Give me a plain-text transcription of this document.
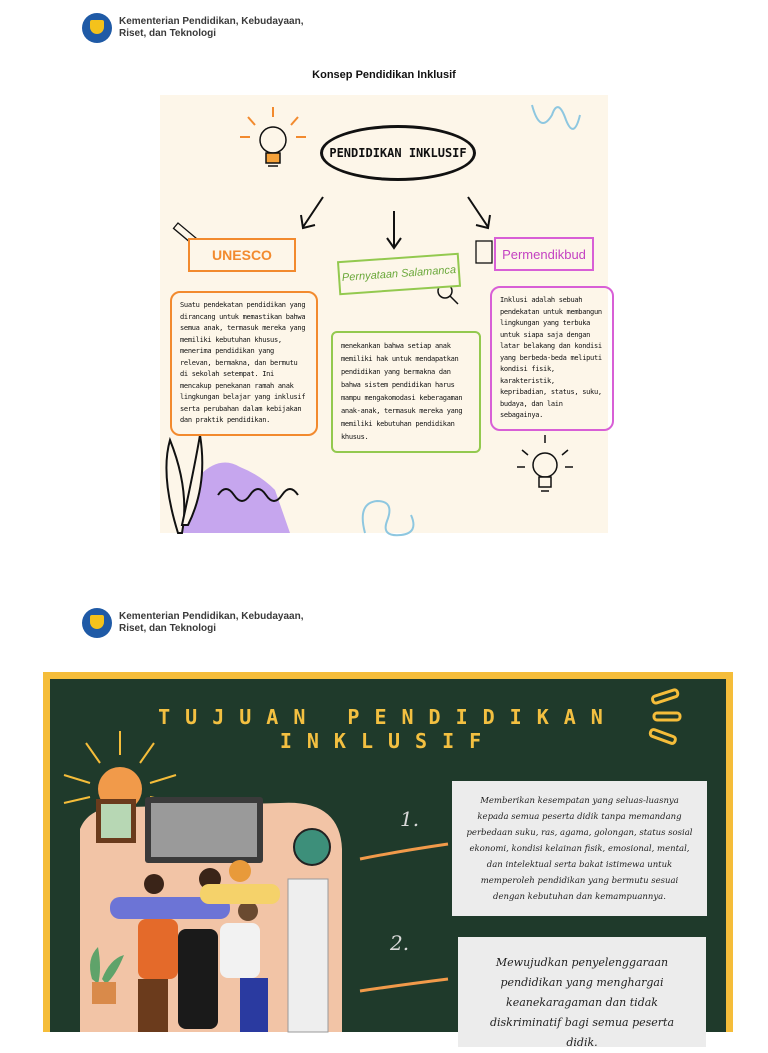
Kementerian Pendidikan, Kebudayaan,
Riset, dan Teknologi
Konsep Pendidikan Inklusif
PENDIDIKAN INKLUSIF
UNESCO
Pernyataan Salamanca
Permendikbud
Suatu pendekatan pendidikan yang dirancang untuk memastikan bahwa semua anak, termasuk mereka yang memiliki kebutuhan khusus, menerima pendidikan yang relevan, bermakna, dan bermutu di sekolah setempat. Ini mencakup penekanan ramah anak lingkungan belajar yang inklusif serta perubahan dalam kebijakan dan praktik pendidikan.
menekankan bahwa setiap anak memiliki hak untuk mendapatkan pendidikan yang bermakna dan bahwa sistem pendidikan harus mampu mengakomodasi keberagaman anak-anak, termasuk mereka yang memiliki kebutuhan pendidikan khusus.
Inklusi adalah sebuah pendekatan untuk membangun lingkungan yang terbuka untuk siapa saja dengan latar belakang dan kondisi yang berbeda-beda meliputi kondisi fisik, karakteristik, kepribadian, status, suku, budaya, dan lain sebagainya.
Kementerian Pendidikan, Kebudayaan,
Riset, dan Teknologi
TUJUAN PENDIDIKAN INKLUSIF
1.
2.
Memberikan kesempatan yang seluas-luasnya kepada semua peserta didik tanpa memandang perbedaan suku, ras, agama, golongan, status sosial ekonomi, kondisi kelainan fisik, emosional, mental, dan intelektual serta bakat istimewa untuk memperoleh pendidikan yang bermutu sesuai dengan kebutuhan dan kemampuannya.
Mewujudkan penyelenggaraan pendidikan yang menghargai keanekaragaman dan tidak diskriminatif bagi semua peserta didik.
